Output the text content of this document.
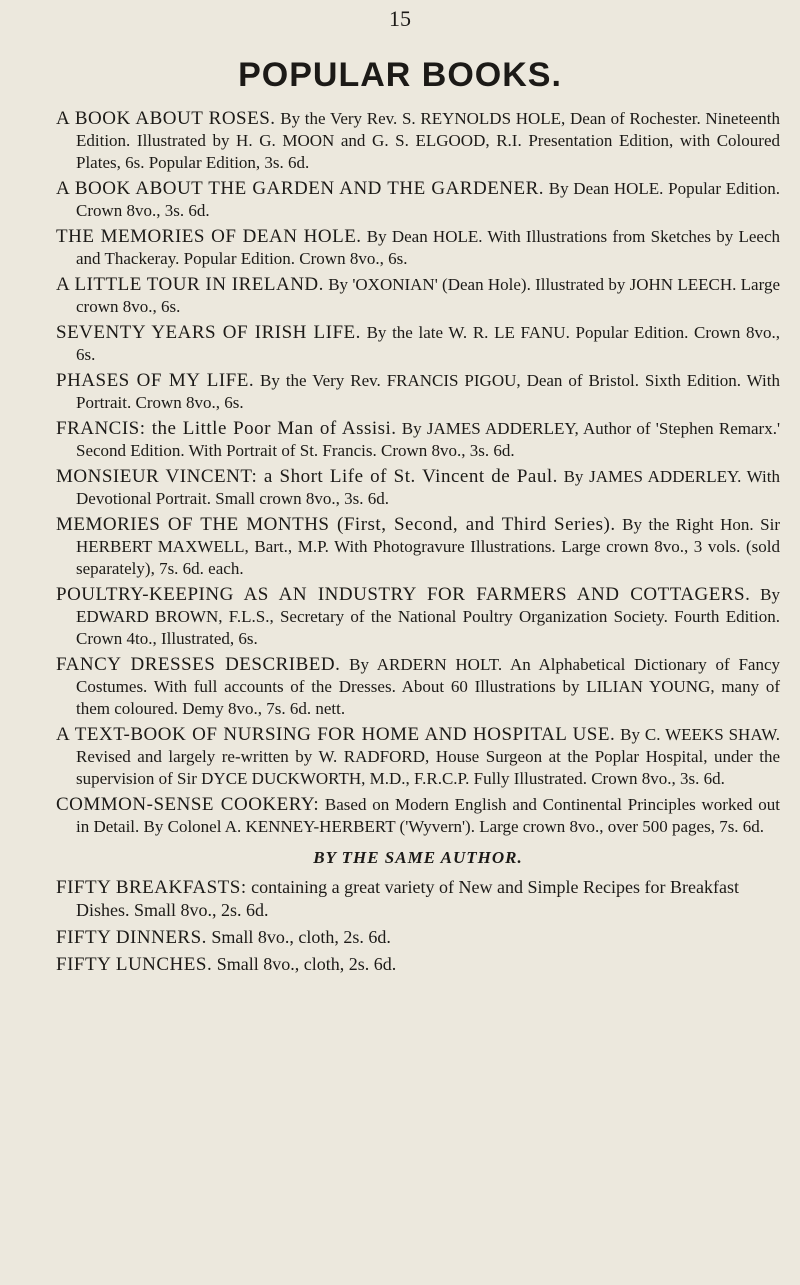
15
POPULAR BOOKS.

A BOOK ABOUT ROSES. By the Very Rev. S. REYNOLDS HOLE, Dean of Rochester. Nineteenth Edition. Illustrated by H. G. MOON and G. S. ELGOOD, R.I. Presentation Edition, with Coloured Plates, 6s. Popular Edition, 3s. 6d.

A BOOK ABOUT THE GARDEN AND THE GARDENER. By Dean HOLE. Popular Edition. Crown 8vo., 3s. 6d.

THE MEMORIES OF DEAN HOLE. By Dean HOLE. With Illustrations from Sketches by Leech and Thackeray. Popular Edition. Crown 8vo., 6s.

A LITTLE TOUR IN IRELAND. By 'OXONIAN' (Dean Hole). Illustrated by JOHN LEECH. Large crown 8vo., 6s.

SEVENTY YEARS OF IRISH LIFE. By the late W. R. LE FANU. Popular Edition. Crown 8vo., 6s.

PHASES OF MY LIFE. By the Very Rev. FRANCIS PIGOU, Dean of Bristol. Sixth Edition. With Portrait. Crown 8vo., 6s.

FRANCIS: the Little Poor Man of Assisi. By JAMES ADDERLEY, Author of 'Stephen Remarx.' Second Edition. With Portrait of St. Francis. Crown 8vo., 3s. 6d.

MONSIEUR VINCENT: a Short Life of St. Vincent de Paul. By JAMES ADDERLEY. With Devotional Portrait. Small crown 8vo., 3s. 6d.

MEMORIES OF THE MONTHS (First, Second, and Third Series). By the Right Hon. Sir HERBERT MAXWELL, Bart., M.P. With Photogravure Illustrations. Large crown 8vo., 3 vols. (sold separately), 7s. 6d. each.

POULTRY-KEEPING AS AN INDUSTRY FOR FARMERS AND COTTAGERS. By EDWARD BROWN, F.L.S., Secretary of the National Poultry Organization Society. Fourth Edition. Crown 4to., Illustrated, 6s.

FANCY DRESSES DESCRIBED. By ARDERN HOLT. An Alphabetical Dictionary of Fancy Costumes. With full accounts of the Dresses. About 60 Illustrations by LILIAN YOUNG, many of them coloured. Demy 8vo., 7s. 6d. nett.

A TEXT-BOOK OF NURSING FOR HOME AND HOSPITAL USE. By C. WEEKS SHAW. Revised and largely re-written by W. RADFORD, House Surgeon at the Poplar Hospital, under the supervision of Sir DYCE DUCKWORTH, M.D., F.R.C.P. Fully Illustrated. Crown 8vo., 3s. 6d.

COMMON-SENSE COOKERY: Based on Modern English and Continental Principles worked out in Detail. By Colonel A. KENNEY-HERBERT ('Wyvern'). Large crown 8vo., over 500 pages, 7s. 6d.

BY THE SAME AUTHOR.

FIFTY BREAKFASTS: containing a great variety of New and Simple Recipes for Breakfast Dishes. Small 8vo., 2s. 6d.

FIFTY DINNERS. Small 8vo., cloth, 2s. 6d.

FIFTY LUNCHES. Small 8vo., cloth, 2s. 6d.
